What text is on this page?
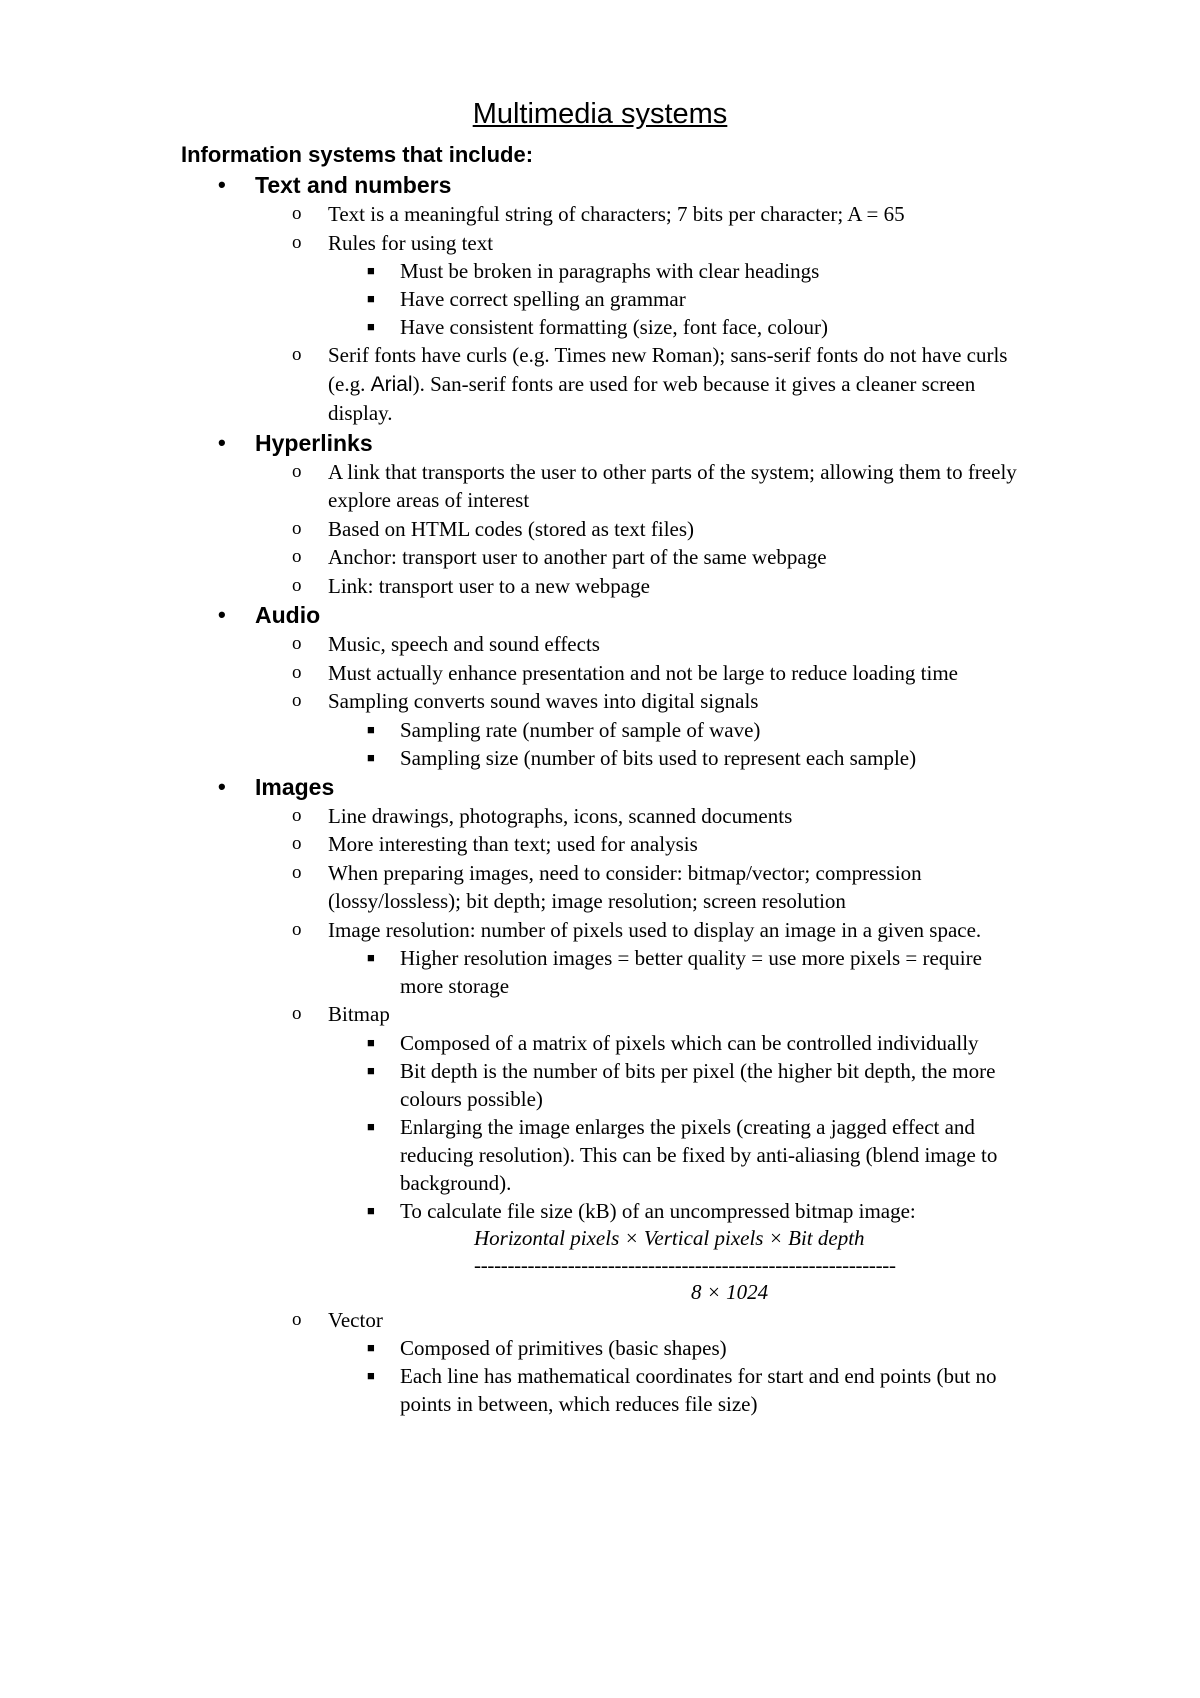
Multimedia systems
Information systems that include:
• Text and numbers
o Text is a meaningful string of characters; 7 bits per character; A = 65
o Rules for using text
■ Must be broken in paragraphs with clear headings
■ Have correct spelling an grammar
■ Have consistent formatting (size, font face, colour)
o Serif fonts have curls (e.g. Times new Roman); sans-serif fonts do not have curls (e.g. Arial). San-serif fonts are used for web because it gives a cleaner screen display.
• Hyperlinks
o A link that transports the user to other parts of the system; allowing them to freely explore areas of interest
o Based on HTML codes (stored as text files)
o Anchor: transport user to another part of the same webpage
o Link: transport user to a new webpage
• Audio
o Music, speech and sound effects
o Must actually enhance presentation and not be large to reduce loading time
o Sampling converts sound waves into digital signals
■ Sampling rate (number of sample of wave)
■ Sampling size (number of bits used to represent each sample)
• Images
o Line drawings, photographs, icons, scanned documents
o More interesting than text; used for analysis
o When preparing images, need to consider: bitmap/vector; compression (lossy/lossless); bit depth; image resolution; screen resolution
o Image resolution: number of pixels used to display an image in a given space.
■ Higher resolution images = better quality = use more pixels = require more storage
o Bitmap
■ Composed of a matrix of pixels which can be controlled individually
■ Bit depth is the number of bits per pixel (the higher bit depth, the more colours possible)
■ Enlarging the image enlarges the pixels (creating a jagged effect and reducing resolution). This can be fixed by anti-aliasing (blend image to background).
■ To calculate file size (kB) of an uncompressed bitmap image:
Horizontal pixels × Vertical pixels × Bit depth
---------------------------------------------------------------
8 × 1024
o Vector
■ Composed of primitives (basic shapes)
■ Each line has mathematical coordinates for start and end points (but no points in between, which reduces file size)
